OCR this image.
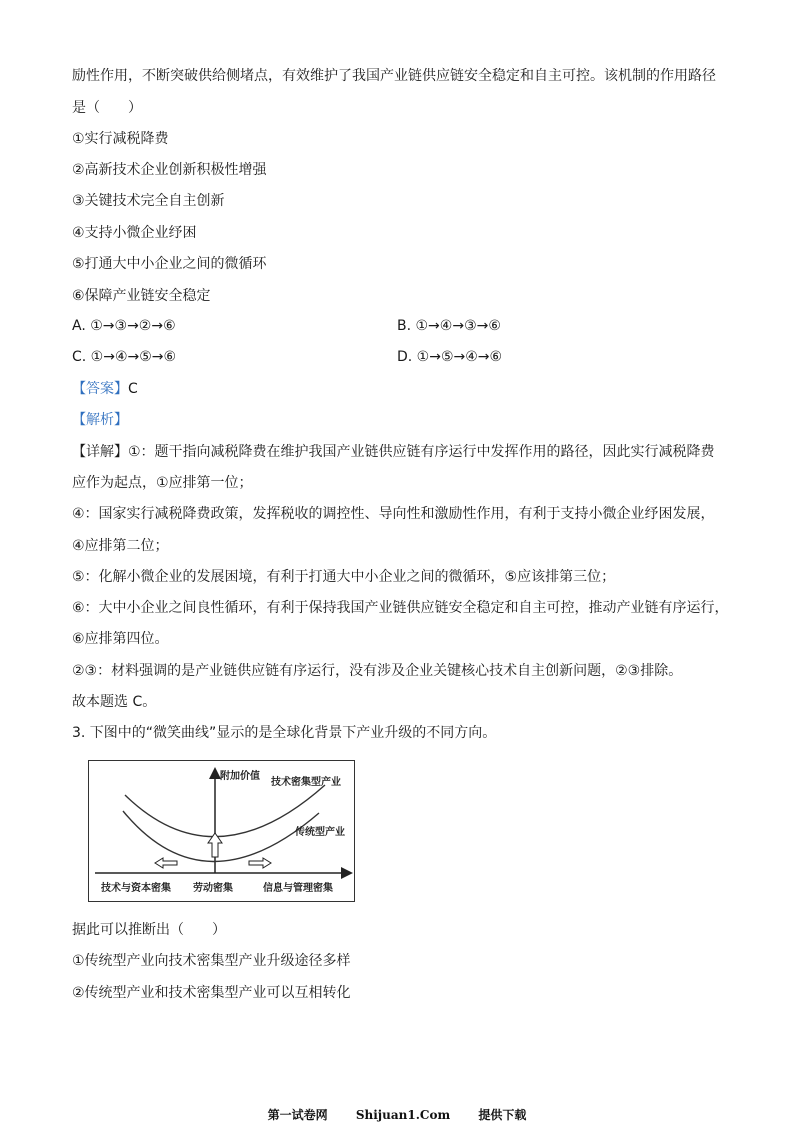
励性作用，不断突破供给侧堵点，有效维护了我国产业链供应链安全稳定和自主可控。该机制的作用路径
是（　　）
①实行减税降费
②高新技术企业创新积极性增强
③关键技术完全自主创新
④支持小微企业纾困
⑤打通大中小企业之间的微循环
⑥保障产业链安全稳定
A. ①→③→②→⑥	B. ①→④→③→⑥
C. ①→④→⑤→⑥	D. ①→⑤→④→⑥
【答案】C
【解析】
【详解】①：题干指向减税降费在维护我国产业链供应链有序运行中发挥作用的路径，因此实行减税降费
应作为起点，①应排第一位；
④：国家实行减税降费政策，发挥税收的调控性、导向性和激励性作用，有利于支持小微企业纾困发展，
④应排第二位；
⑤：化解小微企业的发展困境，有利于打通大中小企业之间的微循环，⑤应该排第三位；
⑥：大中小企业之间良性循环，有利于保持我国产业链供应链安全稳定和自主可控，推动产业链有序运行，
⑥应排第四位。
②③：材料强调的是产业链供应链有序运行，没有涉及企业关键核心技术自主创新问题，②③排除。
故本题选 C。
3. 下图中的“微笑曲线”显示的是全球化背景下产业升级的不同方向。
附加价值
技术密集型产业
传统型产业
技术与资本密集 劳动密集	信息与管理密集
据此可以推断出（　　）
①传统型产业向技术密集型产业升级途径多样
②传统型产业和技术密集型产业可以互相转化
第一试卷网 Shijuan1.Com 提供下载
